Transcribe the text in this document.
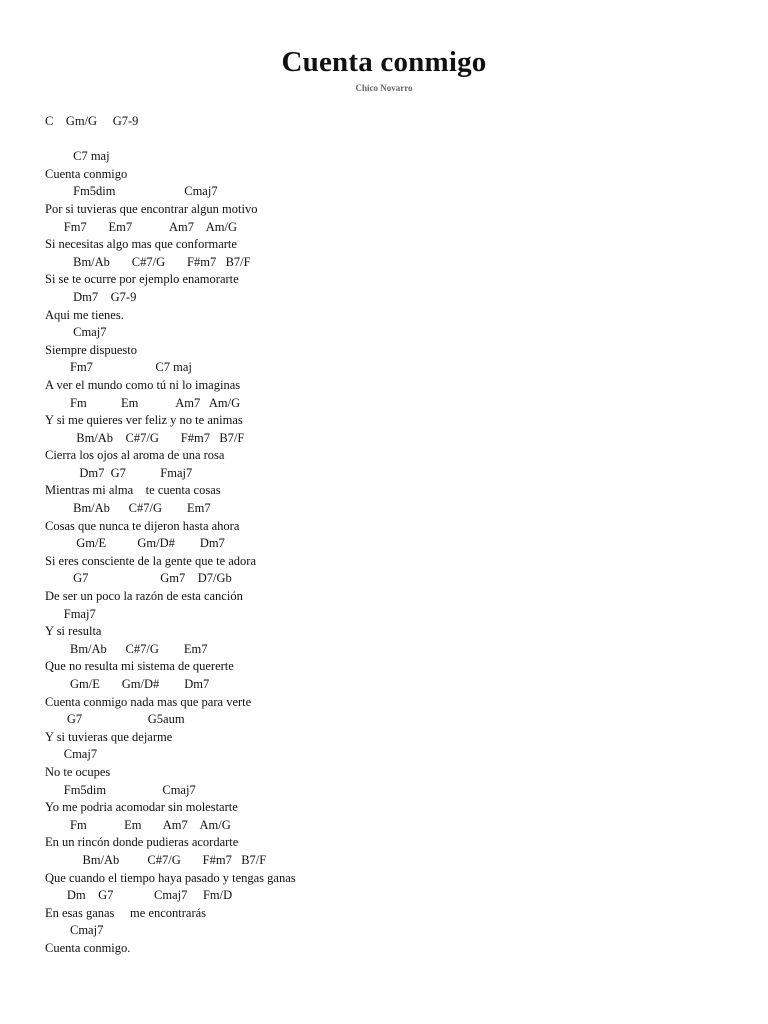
Cuenta conmigo
Chico Novarro
C    Gm/G     G7-9
C7 maj
Cuenta conmigo
Fm5dim                      Cmaj7
Por si tuvieras que encontrar algun motivo
Fm7       Em7            Am7    Am/G
Si necesitas algo mas que conformarte
Bm/Ab       C#7/G       F#m7   B7/F
Si se te ocurre por ejemplo enamorarte
Dm7    G7-9
Aqui me tienes.
Cmaj7
Siempre dispuesto
Fm7                    C7 maj
A ver el mundo como tú ni lo imaginas
Fm           Em            Am7   Am/G
Y si me quieres ver feliz y no te animas
Bm/Ab    C#7/G       F#m7   B7/F
Cierra los ojos al aroma de una rosa
Dm7  G7           Fmaj7
Mientras mi alma    te cuenta cosas
Bm/Ab      C#7/G        Em7
Cosas que nunca te dijeron hasta ahora
Gm/E          Gm/D#        Dm7
Si eres consciente de la gente que te adora
G7                       Gm7    D7/Gb
De ser un poco la razón de esta canción
Fmaj7
Y si resulta
Bm/Ab      C#7/G        Em7
Que no resulta mi sistema de quererte
Gm/E       Gm/D#        Dm7
Cuenta conmigo nada mas que para verte
G7                     G5aum
Y si tuvieras que dejarme
Cmaj7
No te ocupes
Fm5dim                  Cmaj7
Yo me podria acomodar sin molestarte
Fm            Em       Am7    Am/G
En un rincón donde pudieras acordarte
Bm/Ab         C#7/G       F#m7   B7/F
Que cuando el tiempo haya pasado y tengas ganas
Dm    G7             Cmaj7     Fm/D
En esas ganas     me encontrarás
Cmaj7
Cuenta conmigo.
